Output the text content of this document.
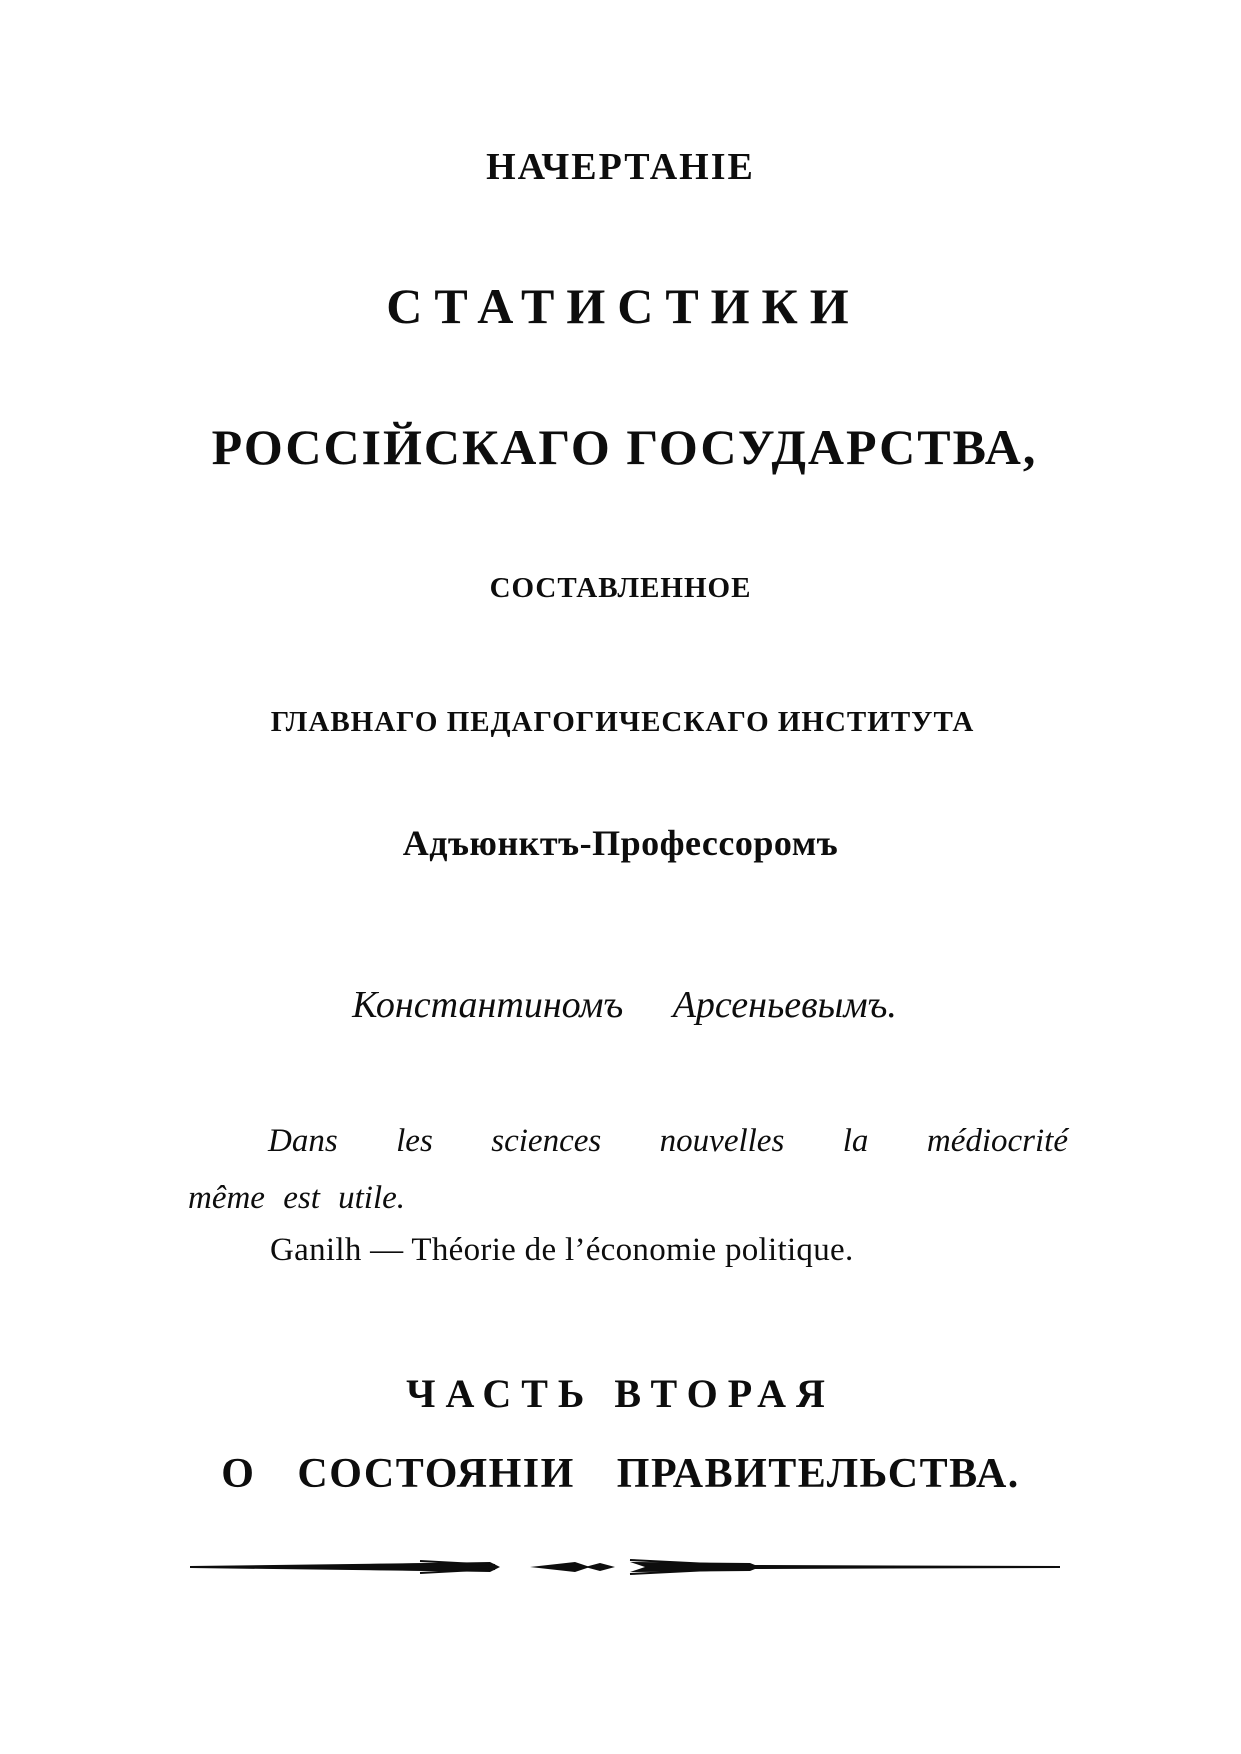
НАЧЕРТАНІЕ
СТАТИСТИКИ
РОССІЙСКАГО ГОСУДАРСТВА,

СОСТАВЛЕННОЕ

ГЛАВНАГО ПЕДАГОГИЧЕСКАГО ИНСТИТУТА

Адъюнктъ-Профессоромъ

Константиномъ Арсеньевымъ.

Dans les sciences nouvelles la médiocrité

même est utile.

Ganilh — Théorie de l’économie politique.

ЧАСТЬ ВТОРАЯ

О СОСТОЯНІИ ПРАВИТЕЛЬСТВА.
